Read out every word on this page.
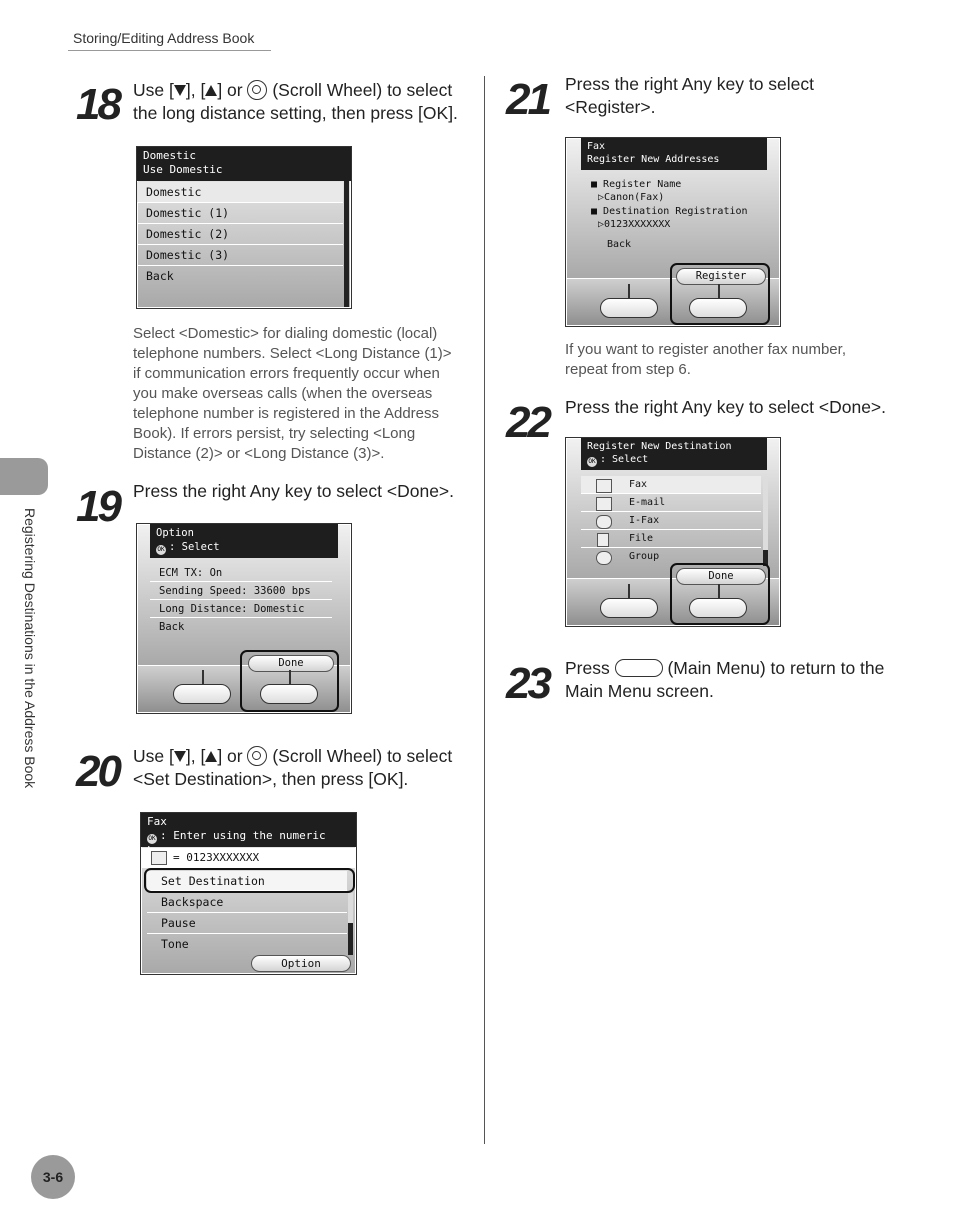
Storing/Editing Address Book
Registering Destinations in the Address Book
18 Use [ ], [ ] or  (Scroll Wheel) to select the long distance setting, then press [OK].
Domestic
Use Domestic
Domestic
Domestic (1)
Domestic (2)
Domestic (3)
Back
Select <Domestic> for dialing domestic (local) telephone numbers. Select <Long Distance (1)> if communication errors frequently occur when you make overseas calls (when the overseas telephone number is registered in the Address Book). If errors persist, try selecting <Long Distance (2)> or <Long Distance (3)>.
19 Press the right Any key to select <Done>.
Option
OK : Select
ECM TX: On
Sending Speed: 33600 bps
Long Distance: Domestic
Back
Done
20 Use [ ], [ ] or  (Scroll Wheel) to select <Set Destination>, then press [OK].
Fax
OK : Enter using the numeric
= 0123XXXXXXX
Set Destination
Backspace
Pause
Tone
Option
21 Press the right Any key to select <Register>.
Fax
Register New Addresses
■ Register Name
▷Canon(Fax)
■ Destination Registration
▷0123XXXXXXX
Back
Register
If you want to register another fax number, repeat from step 6.
22 Press the right Any key to select <Done>.
Register New Destination
OK : Select
Fax
E-mail
I-Fax
File
Group
Done
23 Press	(Main Menu) to return to the Main Menu screen.
3-6
